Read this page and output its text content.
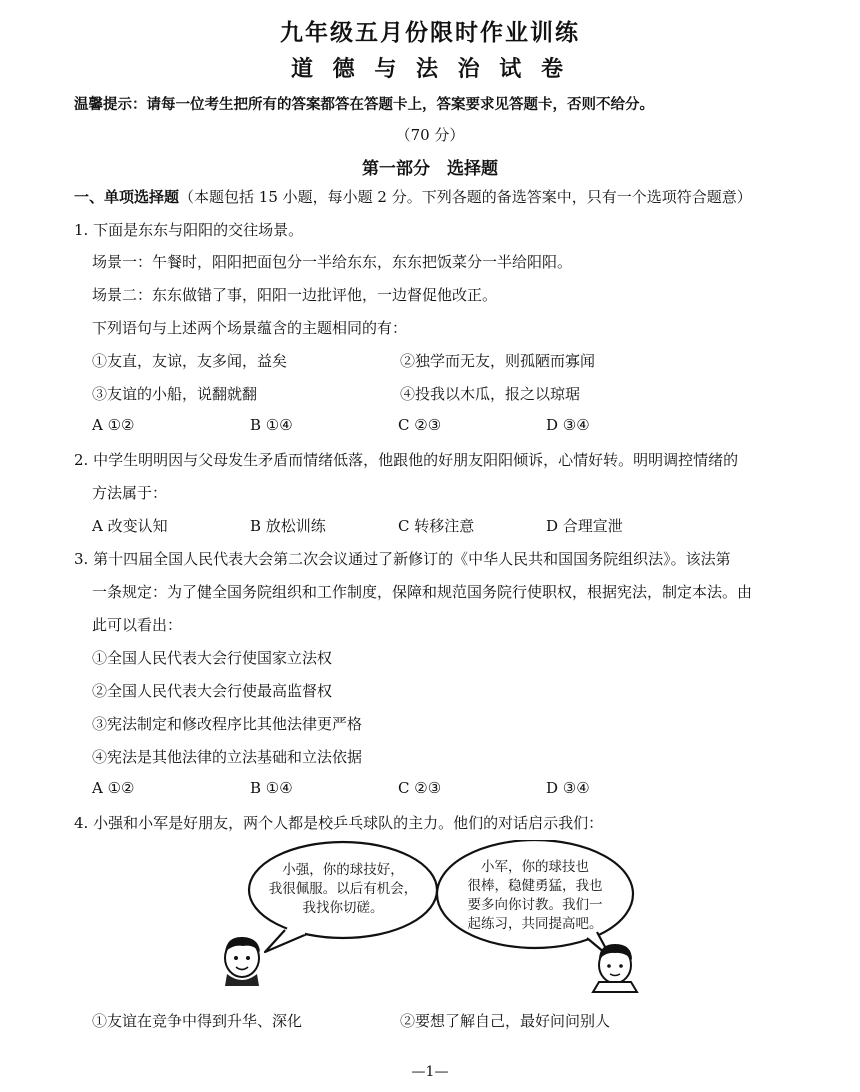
九年级五月份限时作业训练
道 德 与 法 治 试 卷
温馨提示：请每一位考生把所有的答案都答在答题卡上，答案要求见答题卡，否则不给分。
（70 分）
第一部分　选择题
一、单项选择题（本题包括 15 小题，每小题 2 分。下列各题的备选答案中，只有一个选项符合题意）
1. 下面是东东与阳阳的交往场景。
场景一：午餐时，阳阳把面包分一半给东东，东东把饭菜分一半给阳阳。
场景二：东东做错了事，阳阳一边批评他，一边督促他改正。
下列语句与上述两个场景蕴含的主题相同的有：
①友直，友谅，友多闻，益矣	②独学而无友，则孤陋而寡闻
③友谊的小船，说翻就翻	④投我以木瓜，报之以琼琚
A ①②	B ①④	C ②③	D ③④
2. 中学生明明因与父母发生矛盾而情绪低落，他跟他的好朋友阳阳倾诉，心情好转。明明调控情绪的
方法属于：
A 改变认知	B 放松训练	C 转移注意	D 合理宣泄
3. 第十四届全国人民代表大会第二次会议通过了新修订的《中华人民共和国国务院组织法》。该法第
一条规定：为了健全国务院组织和工作制度，保障和规范国务院行使职权，根据宪法，制定本法。由
此可以看出：
①全国人民代表大会行使国家立法权
②全国人民代表大会行使最高监督权
③宪法制定和修改程序比其他法律更严格
④宪法是其他法律的立法基础和立法依据
A ①②	B ①④	C ②③	D ③④
4. 小强和小军是好朋友，两个人都是校乒乓球队的主力。他们的对话启示我们：
小强，你的球技好，
我很佩服。以后有机会，
我找你切磋。
小军，你的球技也
很棒，稳健勇猛，我也
要多向你讨教。我们一
起练习，共同提高吧。
①友谊在竞争中得到升华、深化	②要想了解自己，最好问问别人
—1—
